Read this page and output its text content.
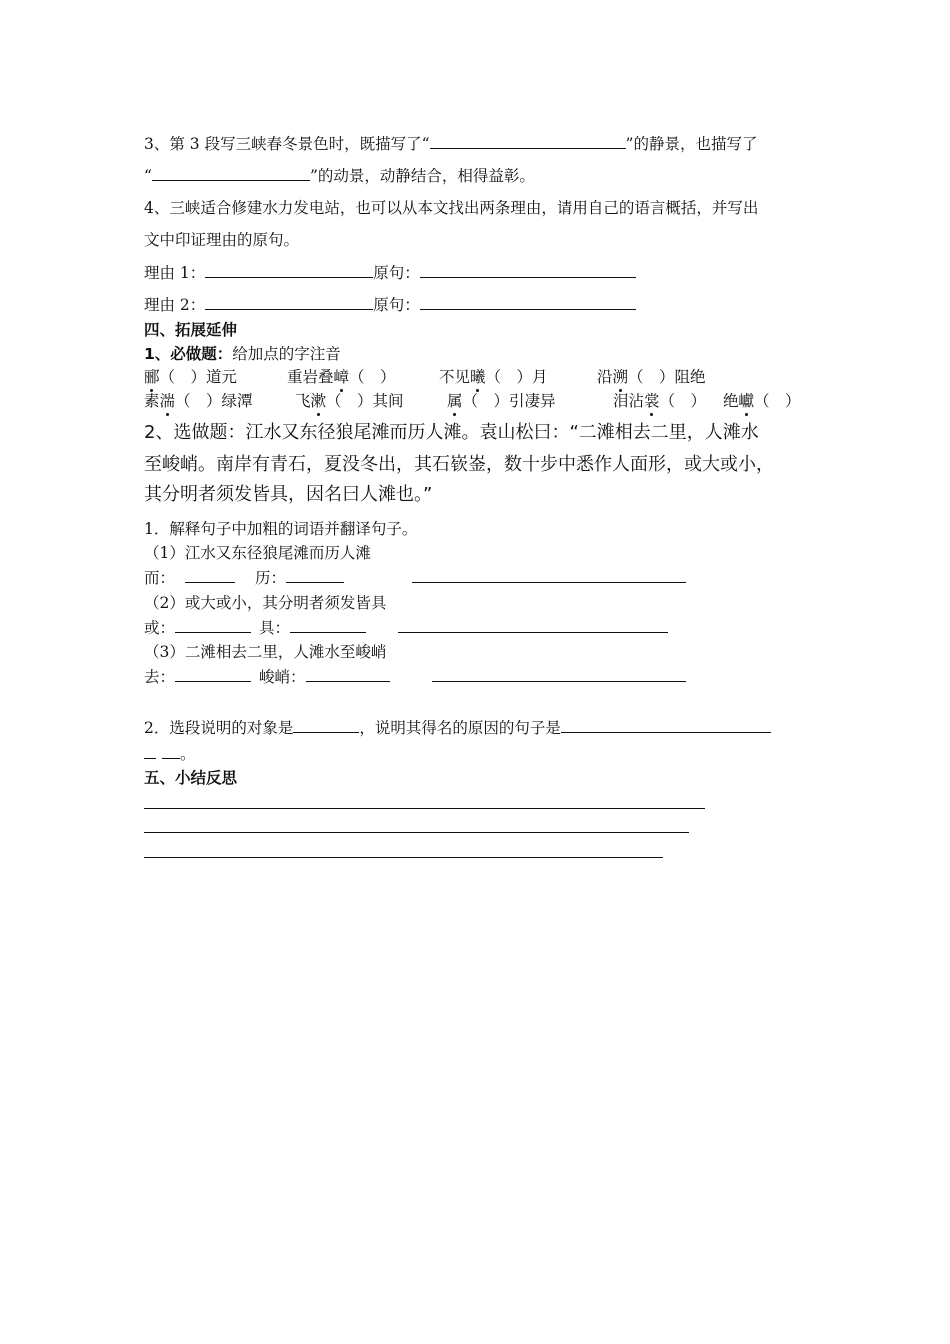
3、第 3 段写三峡春冬景色时，既描写了“	”的静景，也描写了
“	”的动景，动静结合，相得益彰。
4、三峡适合修建水力发电站，也可以从本文找出两条理由，请用自己的语言概括，并写出
文中印证理由的原句。
理由 1：	原句：
理由 2：	原句：
四、拓展延伸
1、必做题：给加点的字注音
郦（　）道元	重岩叠嶂（　）	不见曦（　）月	沿溯（　）阻绝
素湍（　）绿潭	飞漱（　）其间	属（　）引凄异	泪沾裳（　） 绝巘（　）
2、选做题：江水又东径狼尾滩而历人滩。袁山松曰：“二滩相去二里，人滩水
至峻峭。南岸有青石，夏没冬出，其石嵚崟，数十步中悉作人面形，或大或小，
其分明者须发皆具，因名曰人滩也。”
1．解释句子中加粗的词语并翻译句子。
（1）江水又东径狼尾滩而历人滩
而：	历：
（2）或大或小，其分明者须发皆具
或：	具：
（3）二滩相去二里，人滩水至峻峭
去：	峻峭：
2．选段说明的对象是	，说明其得名的原因的句子是
。
五、小结反思
